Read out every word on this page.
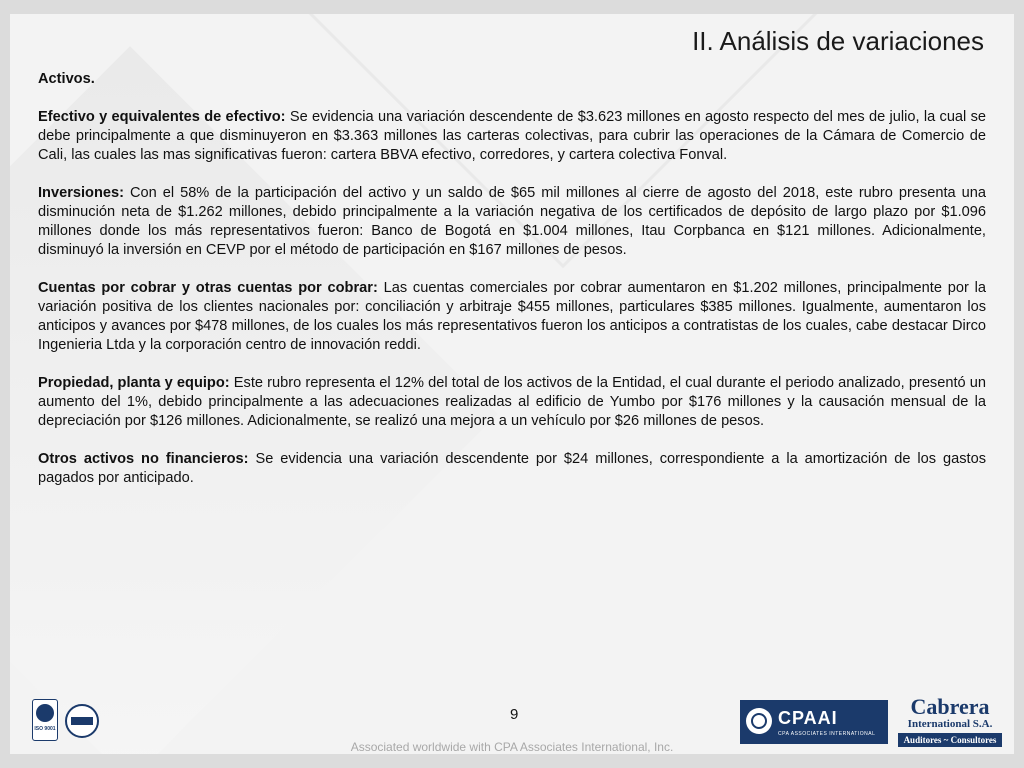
II. Análisis de variaciones

Activos.

Efectivo y equivalentes de efectivo: Se evidencia una variación descendente de $3.623 millones en agosto respecto del mes de julio, la cual se debe principalmente a que disminuyeron en $3.363 millones las carteras colectivas, para cubrir las operaciones de la Cámara de Comercio de Cali, las cuales las mas significativas fueron: cartera BBVA efectivo, corredores, y cartera colectiva Fonval.

Inversiones: Con el 58% de la participación del activo y un saldo de $65 mil millones al cierre de agosto del 2018, este rubro presenta una disminución neta de $1.262 millones, debido principalmente a la variación negativa de los certificados de depósito de largo plazo por $1.096 millones donde los más representativos fueron: Banco de Bogotá en $1.004 millones, Itau Corpbanca en $121 millones. Adicionalmente, disminuyó la inversión en CEVP por el método de participación en $167 millones de pesos.

Cuentas por cobrar y otras cuentas por cobrar: Las cuentas comerciales por cobrar aumentaron en $1.202 millones, principalmente por la variación positiva de los clientes nacionales por: conciliación y arbitraje $455 millones, particulares $385 millones. Igualmente, aumentaron los anticipos y avances por $478 millones, de los cuales los más representativos fueron los anticipos a contratistas de los cuales, cabe destacar Dirco Ingenieria Ltda y la corporación centro de innovación reddi.

Propiedad, planta y equipo: Este rubro representa el 12% del total de los activos de la Entidad, el cual durante el periodo analizado, presentó un aumento del 1%, debido principalmente a las adecuaciones realizadas al edificio de Yumbo por $176 millones y la causación mensual de la depreciación por $126 millones. Adicionalmente, se realizó una mejora a un vehículo por $26 millones de pesos.

Otros activos no financieros: Se evidencia una variación descendente por $24 millones, correspondiente a la amortización de los gastos pagados por anticipado.

9
ISO 9001
CPAAI
CPA ASSOCIATES INTERNATIONAL
Cabrera
International S.A.
Auditores ~ Consultores
Associated worldwide with CPA Associates International, Inc.
